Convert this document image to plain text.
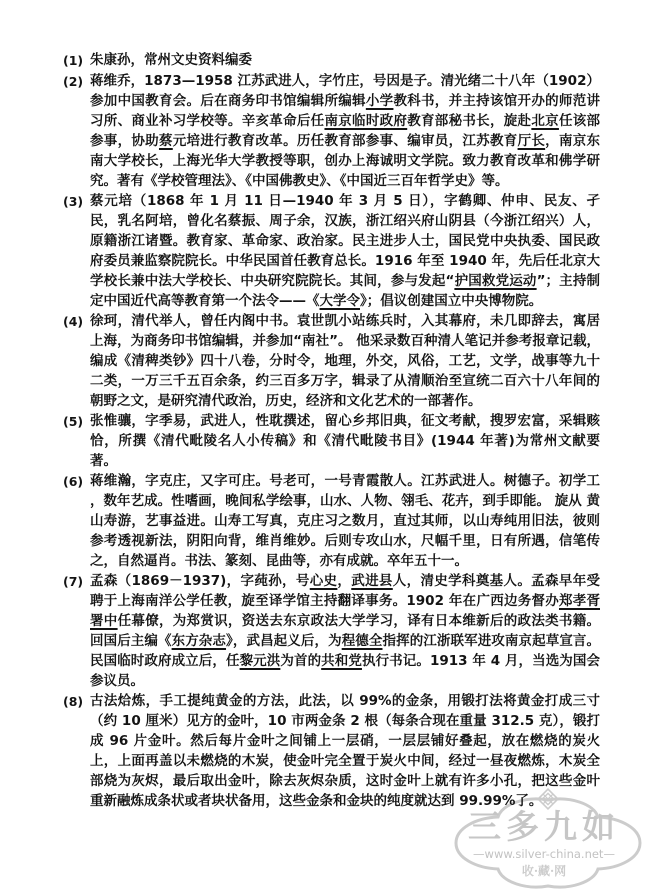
(1) 朱康孙，常州文史资料编委

(2) 蒋维乔，1873—1958 江苏武进人，字竹庄，号因是子。清光绪二十八年（1902）参加中国教育会。后在商务印书馆编辑所编辑小学教科书，并主持该馆开办的师范讲习所、商业补习学校等。辛亥革命后任南京临时政府教育部秘书长，旋赴北京任该部参事，协助蔡元培进行教育改革。历任教育部参事、编审员，江苏教育厅长，南京东南大学校长，上海光华大学教授等职，创办上海诚明文学院。致力教育改革和佛学研究。著有《学校管理法》、《中国佛教史》、《中国近三百年哲学史》等。

(3) 蔡元培（1868 年 1 月 11 日—1940 年 3 月 5 日），字鹤卿、仲申、民友、孑民，乳名阿培，曾化名蔡振、周子余，汉族，浙江绍兴府山阴县（今浙江绍兴）人，原籍浙江诸暨。教育家、革命家、政治家。民主进步人士，国民党中央执委、国民政府委员兼监察院院长。中华民国首任教育总长。1916 年至 1940 年，先后任北京大学校长兼中法大学校长、中央研究院院长。其间，参与发起“护国救党运动”；主持制定中国近代高等教育第一个法令——《大学令》；倡议创建国立中央博物院。

(4) 徐珂，清代举人，曾任内阁中书。袁世凯小站练兵时，入其幕府，未几即辞去，寓居上海，为商务印书馆编辑，并参加“南社”。 他采录数百种清人笔记并参考报章记载，编成《清稗类钞》四十八卷，分时令，地理，外交，风俗，工艺，文学，战事等九十二类，一万三千五百余条，约三百多万字，辑录了从清顺治至宣统二百六十八年间的朝野之文，是研究清代政治，历史，经济和文化艺术的一部著作。

(5) 张惟骧，字季易，武进人，性耽撰述，留心乡邦旧典，征文考献，搜罗宏富，采辑赅恰，所撰《清代毗陵名人小传稿》和《清代毗陵书目》(1944 年著)为常州文献要著。

(6) 蒋维瀚，字克庄，又字可庄。号老可，一号青霞散人。江苏武进人。树德子。初学工 ，数年艺成。性嗜画，晚间私学绘事，山水、人物、翎毛、花卉，到手即能。 旋从 黄山寿游，艺事益进。山寿工写真，克庄习之数月，直过其师，以山寿纯用旧法，彼则参考透视新法，阴阳向背，维肖维妙。后则专攻山水，尺幅千里，日有所遇，信笔传之，自然逼肖。书法、篆刻、昆曲等，亦有成就。卒年五十一。

(7) 孟森（1869－1937)，字莼孙，号心史，武进县人，清史学科奠基人。孟森早年受聘于上海南洋公学任教，旋至译学馆主持翻译事务。1902 年在广西边务督办郑孝胥署中任幕僚，为郑赏识，资送去东京政法大学学习，译有日本维新后的政法类书籍。回国后主编《东方杂志》，武昌起义后，为程德全指挥的江浙联军进攻南京起草宣言。民国临时政府成立后，任黎元洪为首的共和党执行书记。1913 年 4 月，当选为国会参议员。

(8) 古法烚炼，手工提纯黄金的方法，此法，以 99%的金条，用锻打法将黄金打成三寸（约 10 厘米）见方的金叶，10 市两金条 2 根（每条合现在重量 312.5 克），锻打成 96 片金叶。然后每片金叶之间铺上一层硝，一层层铺好叠起，放在燃烧的炭火上，上面再盖以未燃烧的木炭，使金叶完全置于炭火中间，经过一昼夜燃炼，木炭全部烧为灰烬，最后取出金叶，除去灰烬杂质，这时金叶上就有许多小孔，把这些金叶重新融炼成条状或者块状备用，这些金条和金块的纯度就达到 99.99%了。

三多九如
—www.silver-china.net—
收·藏·网
